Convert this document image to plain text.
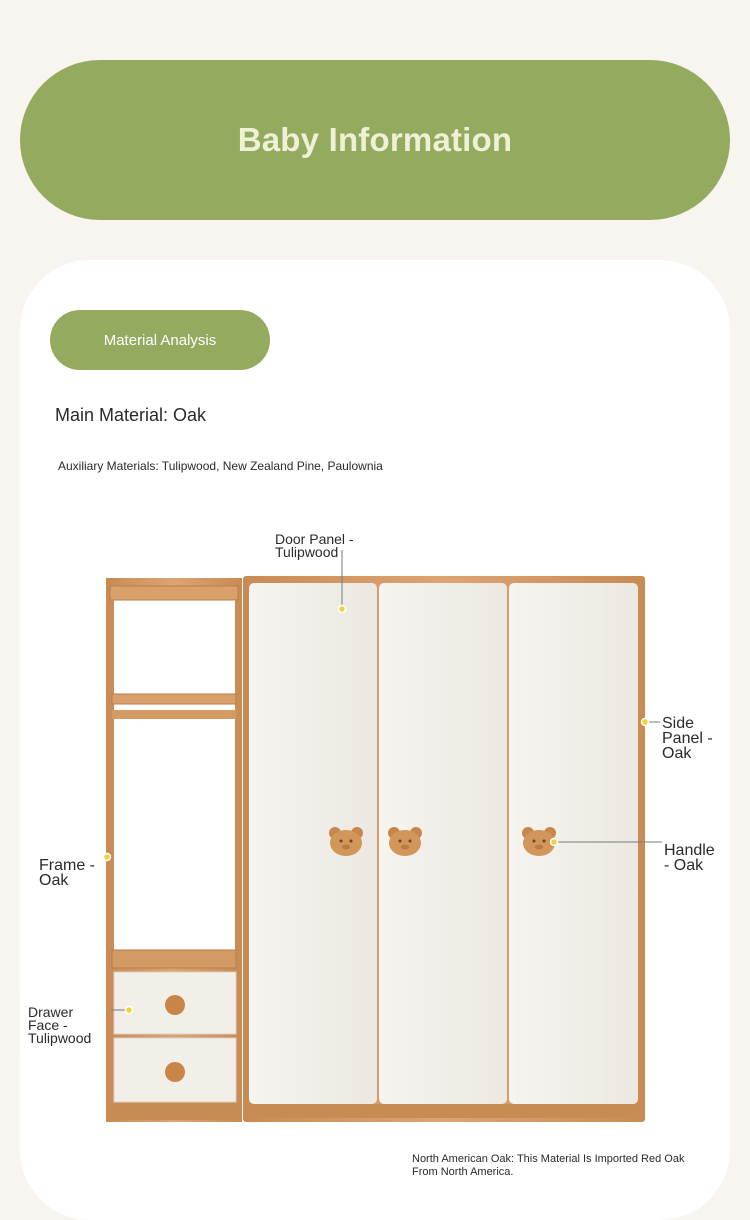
Baby Information
Material Analysis
Main Material: Oak
Auxiliary Materials: Tulipwood, New Zealand Pine, Paulownia
Door Panel - Tulipwood
Side Panel - Oak
Frame - Oak
Handle - Oak
Drawer Face - Tulipwood
North American Oak: This Material Is Imported Red Oak From North America.
